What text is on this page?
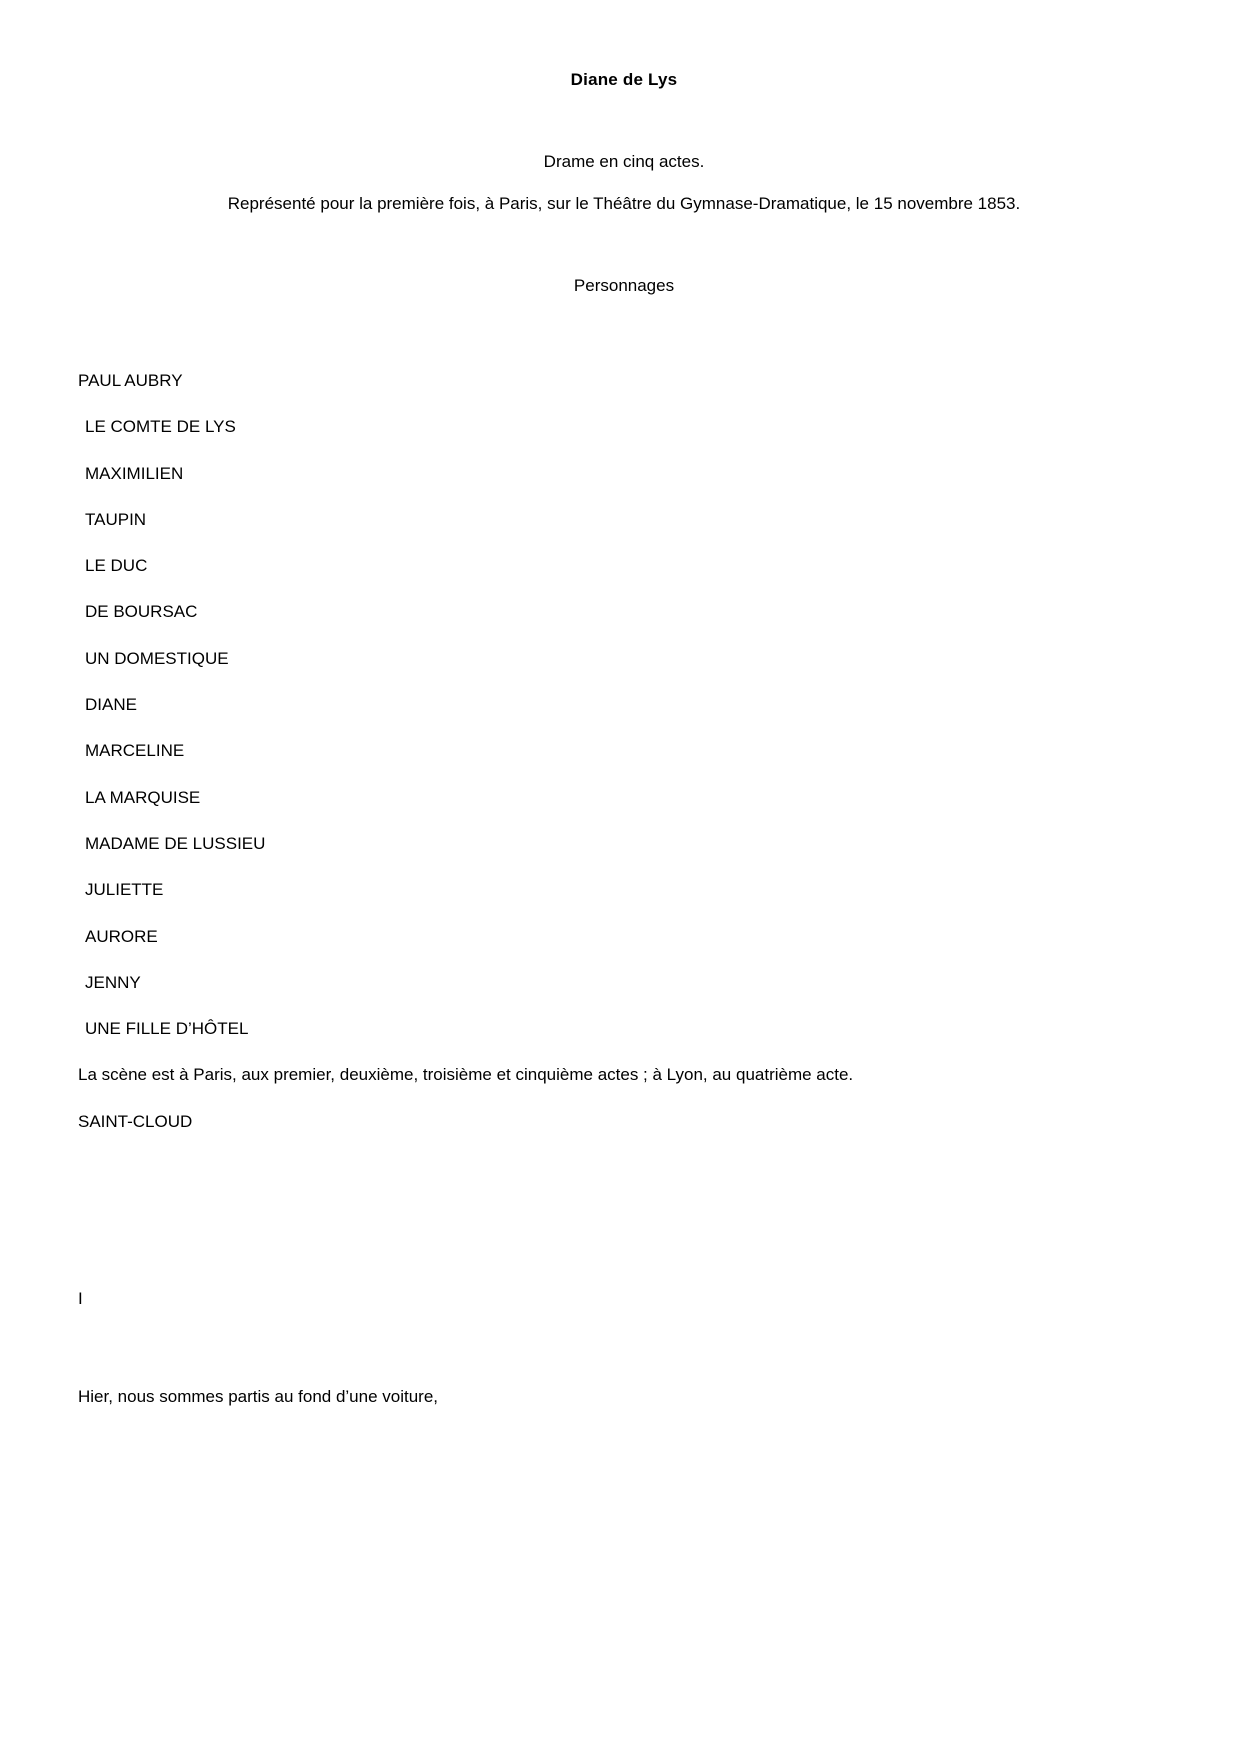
Diane de Lys

Drame en cinq actes.

Représenté pour la première fois, à Paris, sur le Théâtre du Gymnase-Dramatique, le 15 novembre 1853.

Personnages

PAUL AUBRY
LE COMTE DE LYS
MAXIMILIEN
TAUPIN
LE DUC
DE BOURSAC
UN DOMESTIQUE
DIANE
MARCELINE
LA MARQUISE
MADAME DE LUSSIEU
JULIETTE
AURORE
JENNY
UNE FILLE D’HÔTEL

La scène est à Paris, aux premier, deuxième, troisième et cinquième actes ; à Lyon, au quatrième acte.

SAINT-CLOUD

I

Hier, nous sommes partis au fond d’une voiture,
